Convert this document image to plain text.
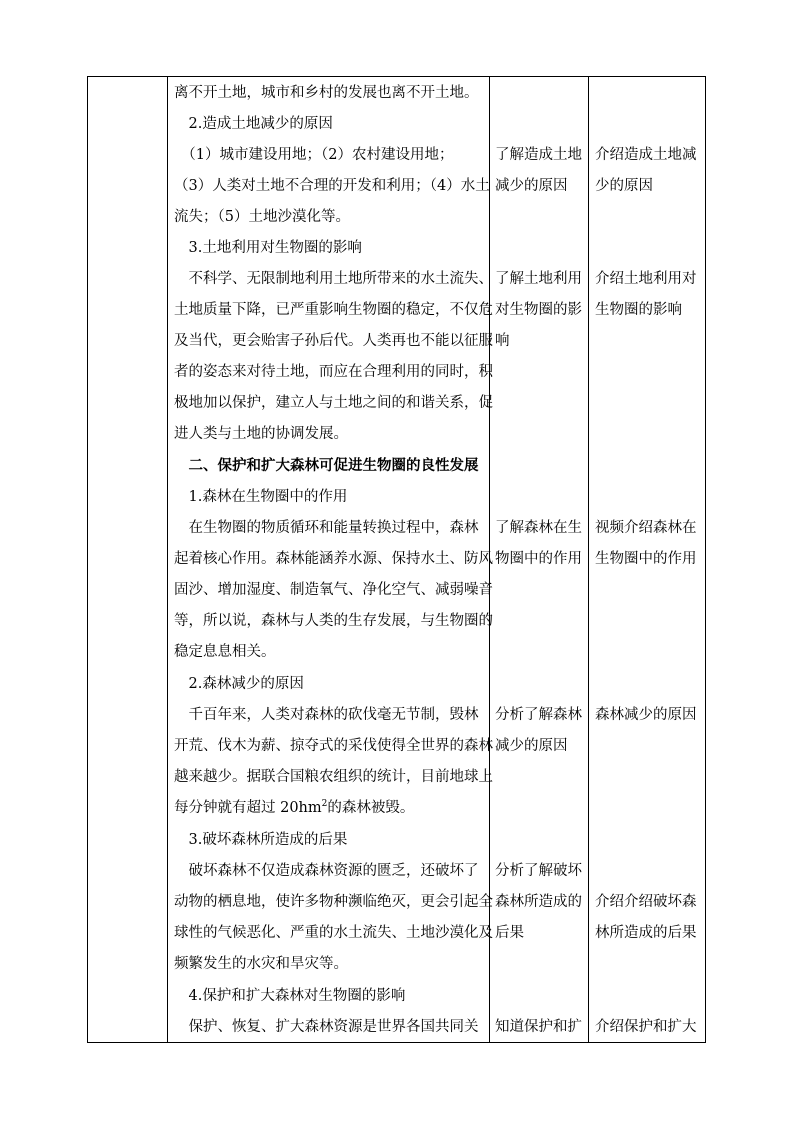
离不开土地，城市和乡村的发展也离不开土地。
　2.造成土地减少的原因
　（1）城市建设用地；（2）农村建设用地；
（3）人类对土地不合理的开发和利用；（4）水土
流失；（5）土地沙漠化等。
　3.土地利用对生物圈的影响
　不科学、无限制地利用土地所带来的水土流失、
土地质量下降，已严重影响生物圈的稳定，不仅危
及当代，更会贻害子孙后代。人类再也不能以征服
者的姿态来对待土地，而应在合理利用的同时，积
极地加以保护，建立人与土地之间的和谐关系，促
进人类与土地的协调发展。
　二、保护和扩大森林可促进生物圈的良性发展
　1.森林在生物圈中的作用
　在生物圈的物质循环和能量转换过程中，森林
起着核心作用。森林能涵养水源、保持水土、防风
固沙、增加湿度、制造氧气、净化空气、减弱噪音
等，所以说，森林与人类的生存发展，与生物圈的
稳定息息相关。
　2.森林减少的原因
　千百年来，人类对森林的砍伐毫无节制，毁林
开荒、伐木为薪、掠夺式的采伐使得全世界的森林
越来越少。据联合国粮农组织的统计，目前地球上
每分钟就有超过 $20hm^2$的森林被毁。
　3.破坏森林所造成的后果
　破坏森林不仅造成森林资源的匮乏，还破坏了
动物的栖息地，使许多物种濒临绝灭，更会引起全
球性的气候恶化、严重的水土流失、土地沙漠化及
频繁发生的水灾和旱灾等。
　4.保护和扩大森林对生物圈的影响
　保护、恢复、扩大森林资源是世界各国共同关
了解造成土地
减少的原因
了解土地利用
对生物圈的影
响
了解森林在生
物圈中的作用
分析了解森林
减少的原因
分析了解破坏
森林所造成的
后果
知道保护和扩
介绍造成土地减
少的原因
介绍土地利用对
生物圈的影响
视频介绍森林在
生物圈中的作用
森林减少的原因
介绍介绍破坏森
林所造成的后果
介绍保护和扩大
